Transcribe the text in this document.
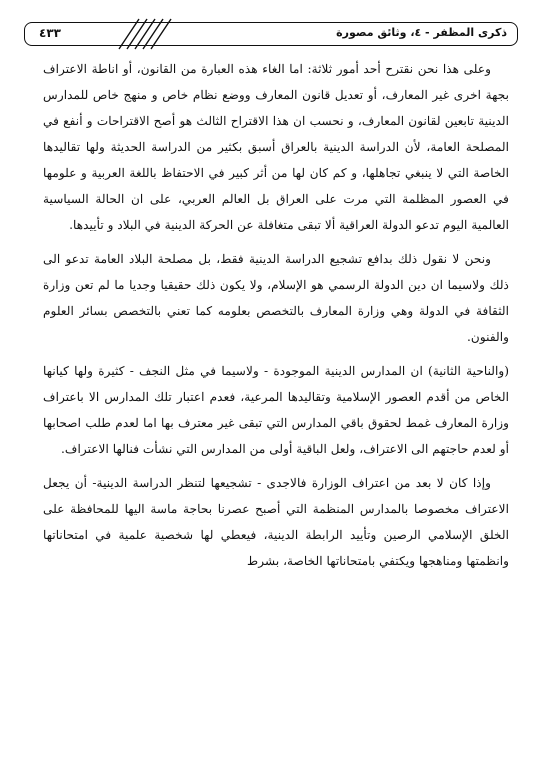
ذكرى المظفر - ٤، وثائق مصورة
٤٣٣

وعلى هذا نحن نقترح أحد أمور ثلاثة: اما الغاء هذه العبارة من القانون، أو اناطة الاعتراف بجهة اخرى غير المعارف، أو تعديل قانون المعارف ووضع نظام خاص و منهج خاص للمدارس الدينية تابعين لقانون المعارف، و نحسب ان هذا الاقتراح الثالث هو أصح الاقتراحات و أنفع في المصلحة العامة، لأن الدراسة الدينية بالعراق أسبق بكثير من الدراسة الحديثة ولها تقاليدها الخاصة التي لا ينبغي تجاهلها، و كم كان لها من أثر كبير في الاحتفاظ باللغة العربية و علومها في العصور المظلمة التي مرت على العراق بل العالم العربي، على ان الحالة السياسية العالمية اليوم تدعو الدولة العراقية ألا تبقى متغافلة عن الحركة الدينية في البلاد و تأييدها.

ونحن لا نقول ذلك بدافع تشجيع الدراسة الدينية فقط، بل مصلحة البلاد العامة تدعو الى ذلك ولاسيما ان دين الدولة الرسمي هو الإسلام، ولا يكون ذلك حقيقيا وجديا ما لم تعن وزارة الثقافة في الدولة وهي وزارة المعارف بالتخصص بعلومه كما تعني بالتخصص بسائر العلوم والفنون.

(والناحية الثانية) ان المدارس الدينية الموجودة - ولاسيما في مثل النجف - كثيرة ولها كيانها الخاص من أقدم العصور الإسلامية وتقاليدها المرعية، فعدم اعتبار تلك المدارس الا باعتراف وزارة المعارف غمط لحقوق باقي المدارس التي تبقى غير معترف بها اما لعدم طلب اصحابها أو لعدم حاجتهم الى الاعتراف، ولعل الباقية أولى من المدارس التي نشأت فنالها الاعتراف.

وإذا كان لا بعد من اعتراف الوزارة فالاجدى - تشجيعها لتنظر الدراسة الدينية- أن يجعل الاعتراف مخصوصا بالمدارس المنظمة التي أصبح عصرنا بحاجة ماسة اليها للمحافظة على الخلق الإسلامي الرصين وتأييد الرابطة الدينية، فيعطي لها شخصية علمية في امتحاناتها وانظمتها ومناهجها ويكتفي بامتحاناتها الخاصة، بشرط
